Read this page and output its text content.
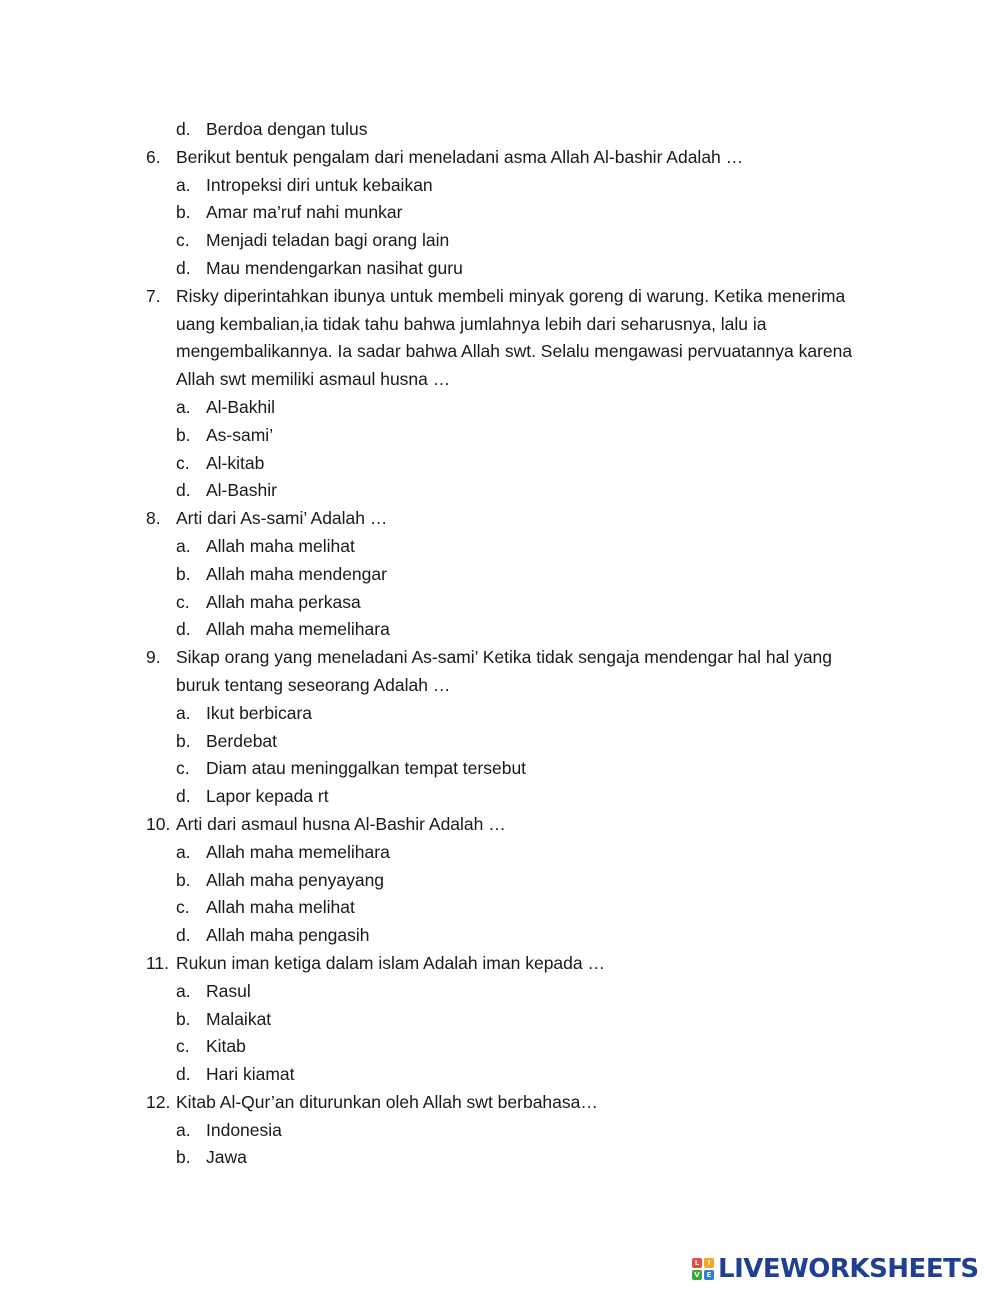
d. Berdoa dengan tulus
6. Berikut bentuk pengalam dari meneladani asma Allah Al-bashir Adalah …
a. Intropeksi diri untuk kebaikan
b. Amar ma’ruf nahi munkar
c. Menjadi teladan bagi orang lain
d. Mau mendengarkan nasihat guru
7. Risky diperintahkan ibunya untuk membeli minyak goreng di warung. Ketika menerima
uang kembalian,ia tidak tahu bahwa jumlahnya lebih dari seharusnya, lalu ia
mengembalikannya. Ia sadar bahwa Allah swt. Selalu mengawasi pervuatannya karena
Allah swt memiliki asmaul husna …
a. Al-Bakhil
b. As-sami’
c. Al-kitab
d. Al-Bashir
8. Arti dari As-sami’ Adalah …
a. Allah maha melihat
b. Allah maha mendengar
c. Allah maha perkasa
d. Allah maha memelihara
9. Sikap orang yang meneladani As-sami’ Ketika tidak sengaja mendengar hal hal yang
buruk tentang seseorang Adalah …
a. Ikut berbicara
b. Berdebat
c. Diam atau meninggalkan tempat tersebut
d. Lapor kepada rt
10. Arti dari asmaul husna Al-Bashir Adalah …
a. Allah maha memelihara
b. Allah maha penyayang
c. Allah maha melihat
d. Allah maha pengasih
11. Rukun iman ketiga dalam islam Adalah iman kepada …
a. Rasul
b. Malaikat
c. Kitab
d. Hari kiamat
12. Kitab Al-Qur’an diturunkan oleh Allah swt berbahasa…
a. Indonesia
b. Jawa
L	I
V E LIVEWORKSHEETS
